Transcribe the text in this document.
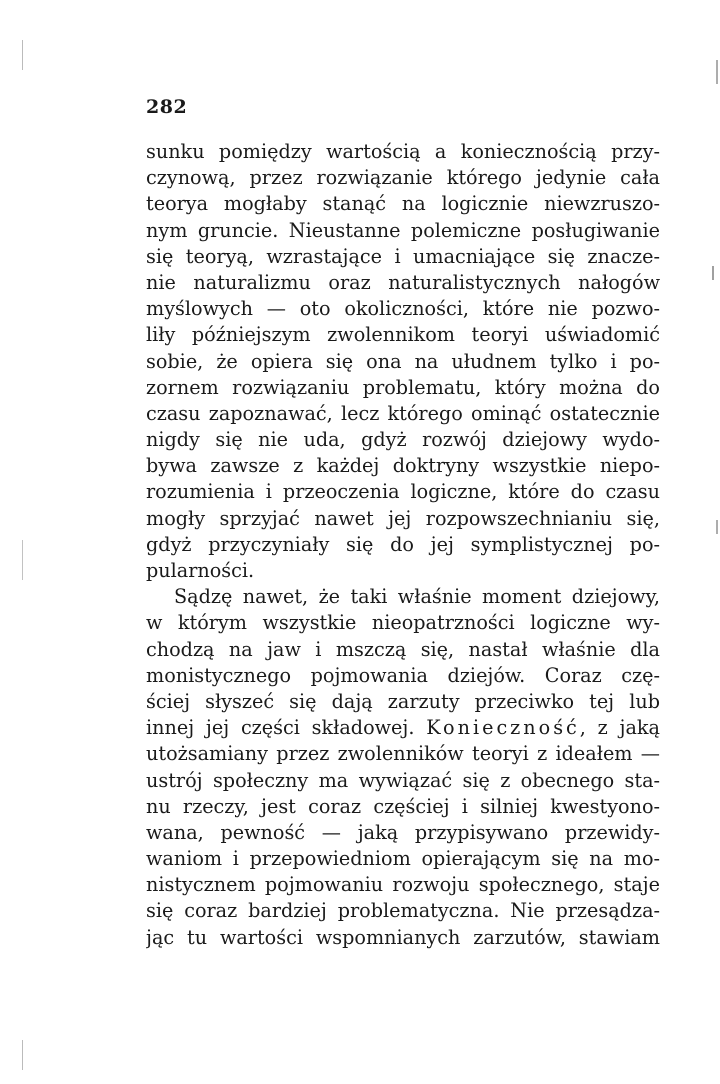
282
sunku pomiędzy wartością a koniecznością przy-
czynową, przez rozwiązanie którego jedynie cała
teorya mogłaby stanąć na logicznie niewzruszo-
nym gruncie. Nieustanne polemiczne posługiwanie
się teoryą, wzrastające i umacniające się znacze-
nie naturalizmu oraz naturalistycznych nałogów
myślowych — oto okoliczności, które nie pozwo-
liły późniejszym zwolennikom teoryi uświadomić
sobie, że opiera się ona na ułudnem tylko i po-
zornem rozwiązaniu problematu, który można do
czasu zapoznawać, lecz którego ominąć ostatecznie
nigdy się nie uda, gdyż rozwój dziejowy wydo-
bywa zawsze z każdej doktryny wszystkie niepo-
rozumienia i przeoczenia logiczne, które do czasu
mogły sprzyjać nawet jej rozpowszechnianiu się,
gdyż przyczyniały się do jej symplistycznej po-
pularności.
Sądzę nawet, że taki właśnie moment dziejowy,
w którym wszystkie nieopatrzności logiczne wy-
chodzą na jaw i mszczą się, nastał właśnie dla
monistycznego pojmowania dziejów. Coraz czę-
ściej słyszeć się dają zarzuty przeciwko tej lub
innej jej części składowej. Konieczność, z jaką
utożsamiany przez zwolenników teoryi z ideałem —
ustrój społeczny ma wywiązać się z obecnego sta-
nu rzeczy, jest coraz częściej i silniej kwestyono-
wana, pewność — jaką przypisywano przewidy-
waniom i przepowiedniom opierającym się na mo-
nistycznem pojmowaniu rozwoju społecznego, staje
się coraz bardziej problematyczna. Nie przesądza-
jąc tu wartości wspomnianych zarzutów, stawiam
